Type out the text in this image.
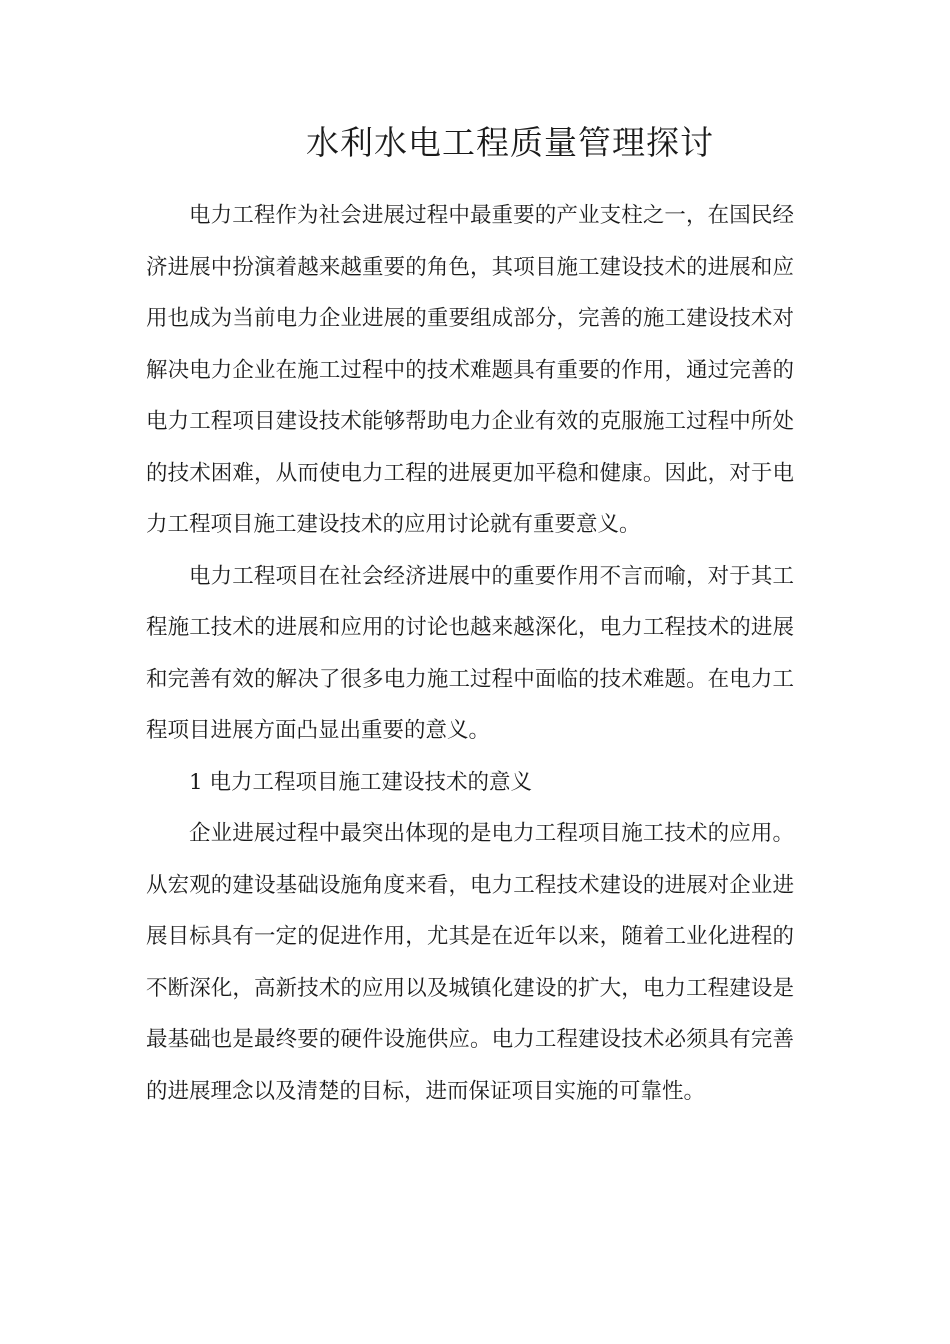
水利水电工程质量管理探讨

电力工程作为社会进展过程中最重要的产业支柱之一，在国民经济进展中扮演着越来越重要的角色，其项目施工建设技术的进展和应用也成为当前电力企业进展的重要组成部分，完善的施工建设技术对解决电力企业在施工过程中的技术难题具有重要的作用，通过完善的电力工程项目建设技术能够帮助电力企业有效的克服施工过程中所处的技术困难，从而使电力工程的进展更加平稳和健康。因此，对于电力工程项目施工建设技术的应用讨论就有重要意义。

电力工程项目在社会经济进展中的重要作用不言而喻，对于其工程施工技术的进展和应用的讨论也越来越深化，电力工程技术的进展和完善有效的解决了很多电力施工过程中面临的技术难题。在电力工程项目进展方面凸显出重要的意义。

1 电力工程项目施工建设技术的意义

企业进展过程中最突出体现的是电力工程项目施工技术的应用。从宏观的建设基础设施角度来看，电力工程技术建设的进展对企业进展目标具有一定的促进作用，尤其是在近年以来，随着工业化进程的不断深化，高新技术的应用以及城镇化建设的扩大，电力工程建设是最基础也是最终要的硬件设施供应。电力工程建设技术必须具有完善的进展理念以及清楚的目标，进而保证项目实施的可靠性。
